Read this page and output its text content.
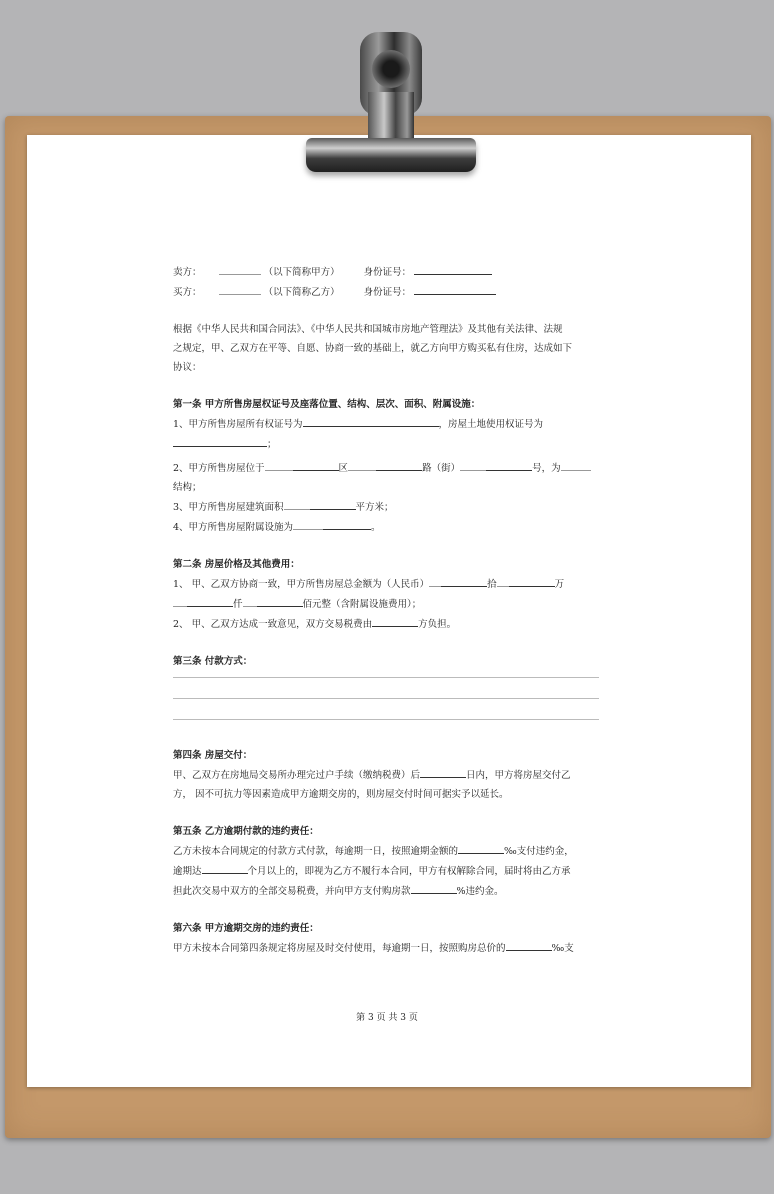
卖方：	（以下简称甲方）	身份证号：
买方：	（以下简称乙方）	身份证号：
根据《中华人民共和国合同法》、《中华人民共和国城市房地产管理法》及其他有关法律、法规
之规定，甲、乙双方在平等、自愿、协商一致的基础上，就乙方向甲方购买私有住房，达成如下
协议：
第一条 甲方所售房屋权证号及座落位置、结构、层次、面积、附属设施：
1、甲方所售房屋所有权证号为	，房屋土地使用权证号为
；
2、甲方所售房屋位于	区	路（街）	号，为
结构；
3、甲方所售房屋建筑面积	平方米；
4、甲方所售房屋附属设施为	。
第二条 房屋价格及其他费用：
1、 甲、乙双方协商一致，甲方所售房屋总金额为（人民币）	拾	万
仟	佰元整（含附属设施费用）；
2、 甲、乙双方达成一致意见，双方交易税费由	方负担。
第三条 付款方式：
第四条 房屋交付：
甲、乙双方在房地局交易所办理完过户手续（缴纳税费）后	日内，甲方将房屋交付乙
方， 因不可抗力等因素造成甲方逾期交房的，则房屋交付时间可据实予以延长。
第五条 乙方逾期付款的违约责任：
乙方未按本合同规定的付款方式付款，每逾期一日，按照逾期金额的	‰支付违约金，
逾期达	个月以上的，即视为乙方不履行本合同，甲方有权解除合同，届时将由乙方承
担此次交易中双方的全部交易税费，并向甲方支付购房款	%违约金。
第六条 甲方逾期交房的违约责任：
甲方未按本合同第四条规定将房屋及时交付使用，每逾期一日，按照购房总价的	‰支
第 3 页 共 3 页
